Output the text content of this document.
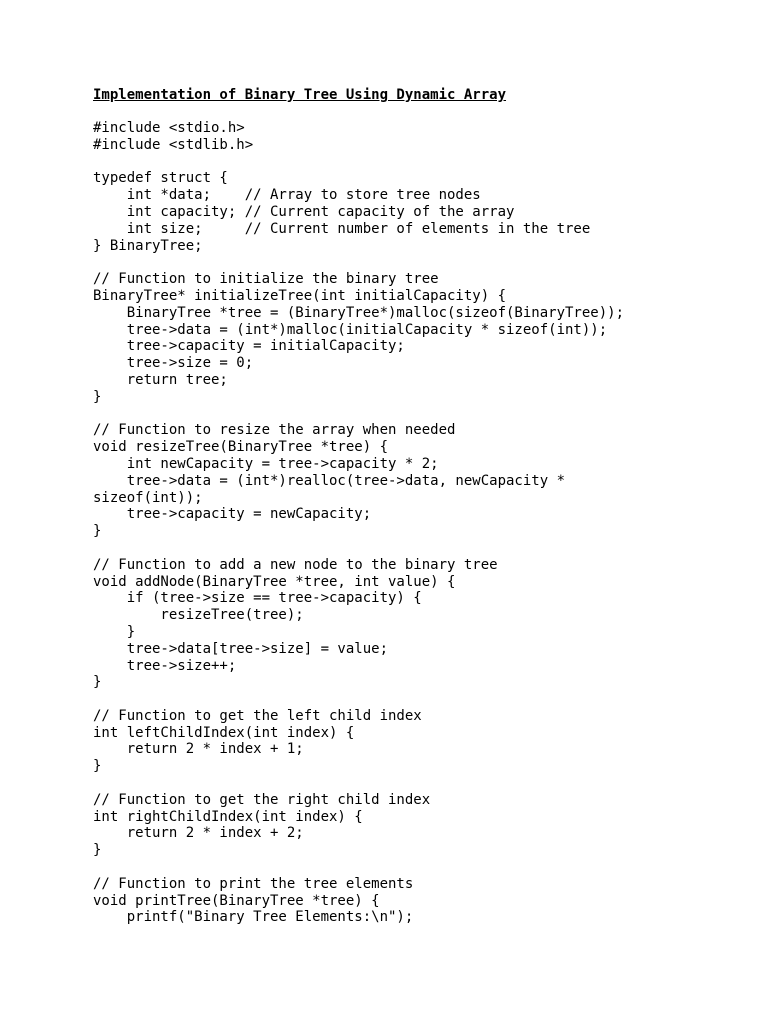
Implementation of Binary Tree Using Dynamic Array
#include <stdio.h>
#include <stdlib.h>
typedef struct {
int *data;    // Array to store tree nodes
int capacity; // Current capacity of the array
int size;     // Current number of elements in the tree
} BinaryTree;
// Function to initialize the binary tree
BinaryTree* initializeTree(int initialCapacity) {
BinaryTree *tree = (BinaryTree*)malloc(sizeof(BinaryTree));
tree->data = (int*)malloc(initialCapacity * sizeof(int));
tree->capacity = initialCapacity;
tree->size = 0;
return tree;
}
// Function to resize the array when needed
void resizeTree(BinaryTree *tree) {
int newCapacity = tree->capacity * 2;
tree->data = (int*)realloc(tree->data, newCapacity *
sizeof(int));
tree->capacity = newCapacity;
}
// Function to add a new node to the binary tree
void addNode(BinaryTree *tree, int value) {
if (tree->size == tree->capacity) {
resizeTree(tree);
}
tree->data[tree->size] = value;
tree->size++;
}
// Function to get the left child index
int leftChildIndex(int index) {
return 2 * index + 1;
}
// Function to get the right child index
int rightChildIndex(int index) {
return 2 * index + 2;
}
// Function to print the tree elements
void printTree(BinaryTree *tree) {
printf("Binary Tree Elements:\n");
